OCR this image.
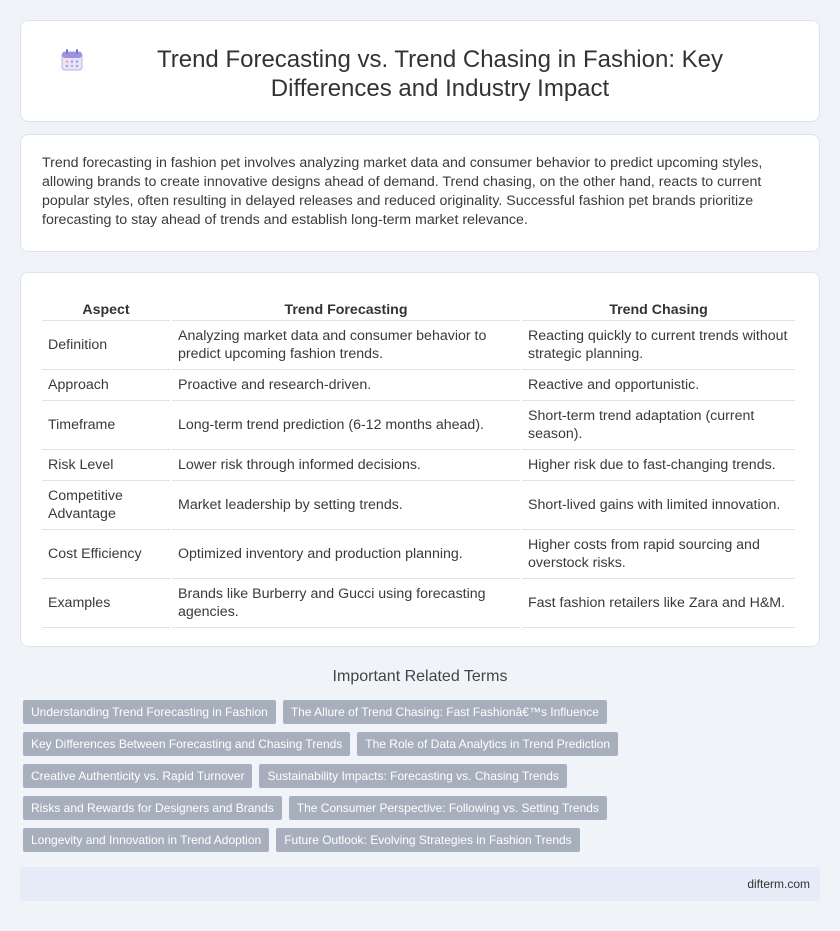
Trend Forecasting vs. Trend Chasing in Fashion: Key Differences and Industry Impact

Trend forecasting in fashion pet involves analyzing market data and consumer behavior to predict upcoming styles, allowing brands to create innovative designs ahead of demand. Trend chasing, on the other hand, reacts to current popular styles, often resulting in delayed releases and reduced originality. Successful fashion pet brands prioritize forecasting to stay ahead of trends and establish long-term market relevance.

Aspect	Trend Forecasting	Trend Chasing
Definition	Analyzing market data and consumer behavior to predict upcoming fashion trends.	Reacting quickly to current trends without strategic planning.
Approach	Proactive and research-driven.	Reactive and opportunistic.
Timeframe	Long-term trend prediction (6-12 months ahead).	Short-term trend adaptation (current season).
Risk Level	Lower risk through informed decisions.	Higher risk due to fast-changing trends.
Competitive Advantage	Market leadership by setting trends.	Short-lived gains with limited innovation.
Cost Efficiency	Optimized inventory and production planning.	Higher costs from rapid sourcing and overstock risks.
Examples	Brands like Burberry and Gucci using forecasting agencies.	Fast fashion retailers like Zara and H&M.
Important Related Terms
Understanding Trend Forecasting in Fashion	The Allure of Trend Chasing: Fast Fashionâ€™s Influence
Key Differences Between Forecasting and Chasing Trends	The Role of Data Analytics in Trend Prediction
Creative Authenticity vs. Rapid Turnover	Sustainability Impacts: Forecasting vs. Chasing Trends
Risks and Rewards for Designers and Brands	The Consumer Perspective: Following vs. Setting Trends
Longevity and Innovation in Trend Adoption	Future Outlook: Evolving Strategies in Fashion Trends
difterm.com
